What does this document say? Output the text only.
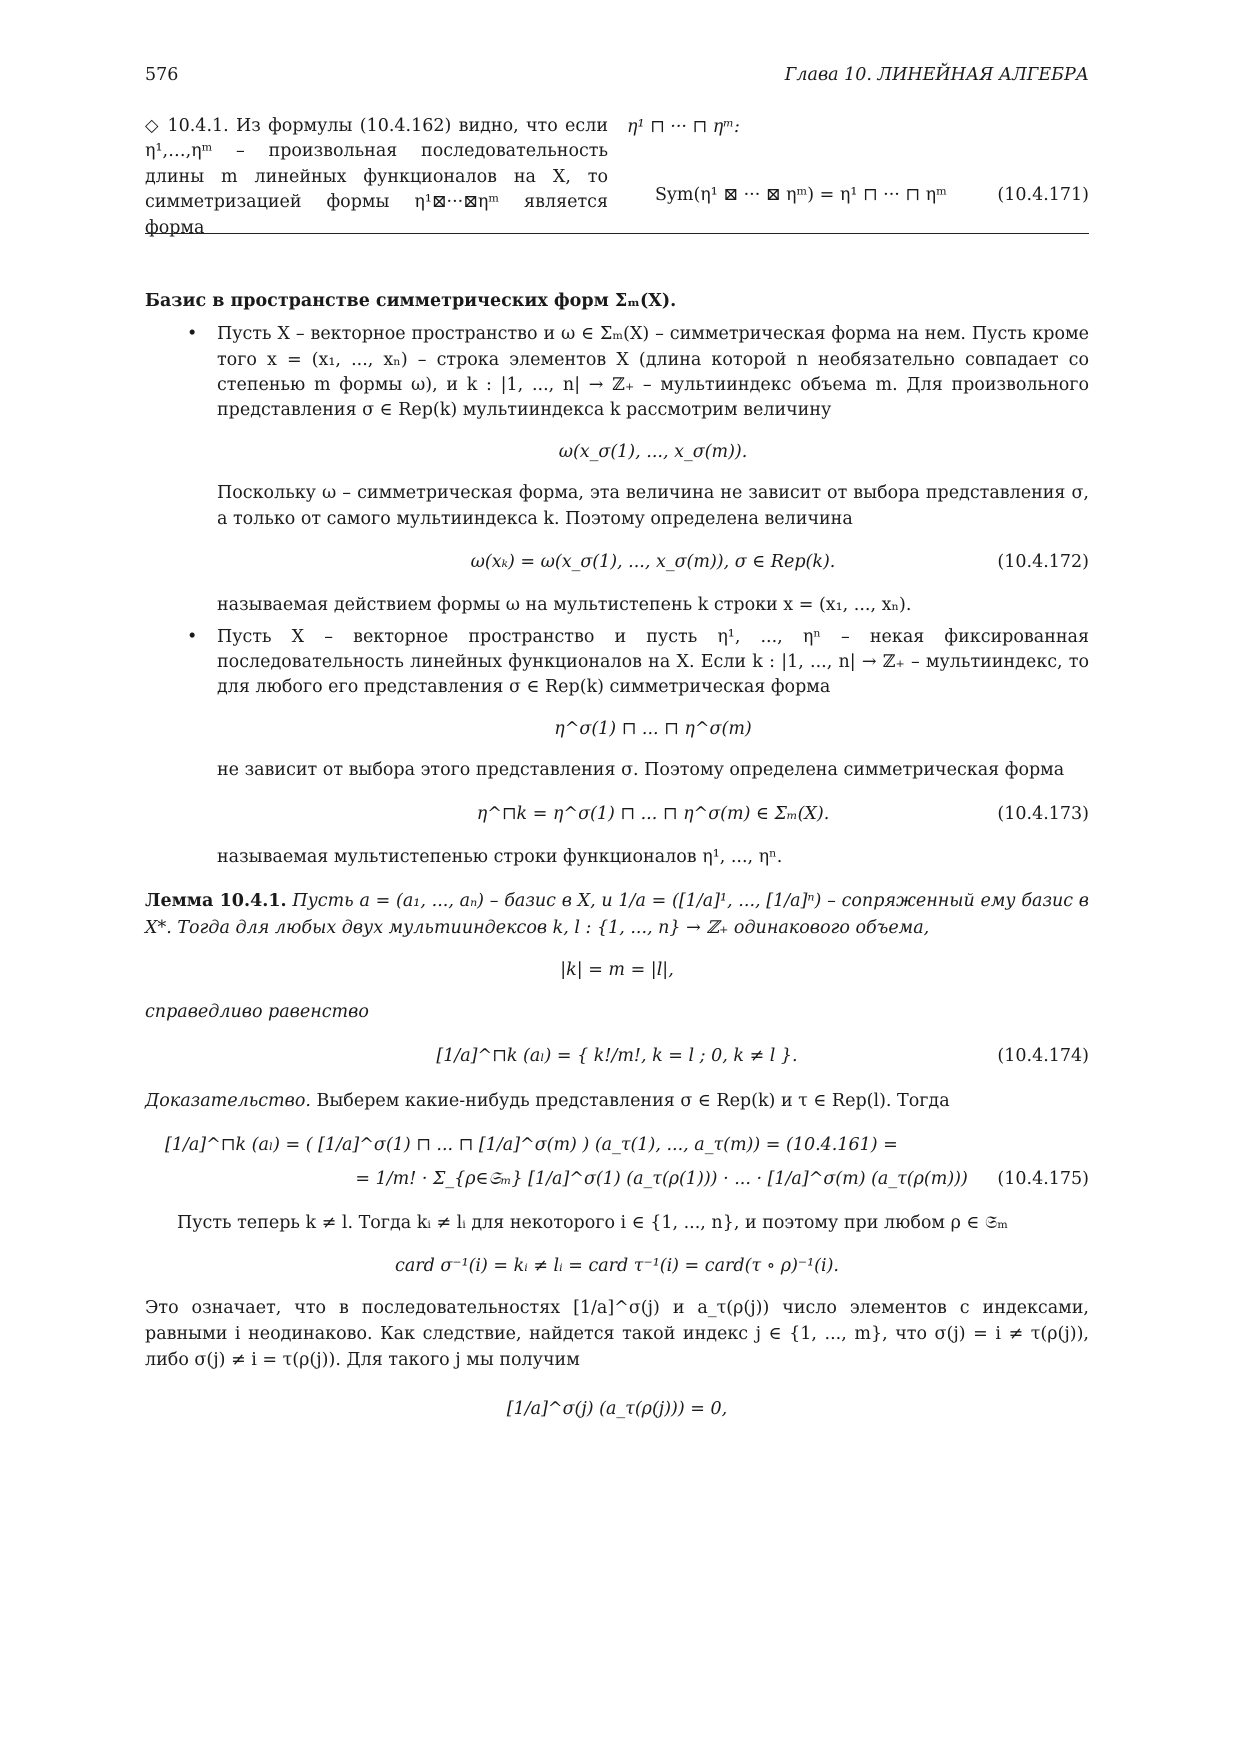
576	Глава 10. ЛИНЕЙНАЯ АЛГЕБРА
◇ 10.4.1. Из формулы (10.4.162) видно, что если η¹,…,ηᵐ – произвольная последовательность длины m линейных функционалов на X, то симметризацией формы η¹⊠···⊠ηᵐ является форма
η¹ ⊓ ··· ⊓ ηᵐ:
Sym(η¹ ⊠ ··· ⊠ ηᵐ) = η¹ ⊓ ··· ⊓ ηᵐ	(10.4.171)

Базис в пространстве симметрических форм Σₘ(X).

• Пусть X – векторное пространство и ω ∈ Σₘ(X) – симметрическая форма на нем. Пусть кроме того x = (x₁, ..., xₙ) – строка элементов X (длина которой n необязательно совпадает со степенью m формы ω), и k : |1, ..., n| → ℤ₊ – мультииндекс объема m. Для произвольного представления σ ∈ Rep(k) мультииндекса k рассмотрим величину
ω(x_σ(1), ..., x_σ(m)).

Поскольку ω – симметрическая форма, эта величина не зависит от выбора представления σ, а только от самого мультииндекса k. Поэтому определена величина

ω(xₖ) = ω(x_σ(1), ..., x_σ(m)), σ ∈ Rep(k).	(10.4.172)

называемая действием формы ω на мультистепень k строки x = (x₁, ..., xₙ).

• Пусть X – векторное пространство и пусть η¹, ..., ηⁿ – некая фиксированная последовательность линейных функционалов на X. Если k : |1, ..., n| → ℤ₊ – мультииндекс, то для любого его представления σ ∈ Rep(k) симметрическая форма
η^σ(1) ⊓ ... ⊓ η^σ(m)

не зависит от выбора этого представления σ. Поэтому определена симметрическая форма

η^⊓k = η^σ(1) ⊓ ... ⊓ η^σ(m) ∈ Σₘ(X).	(10.4.173)

называемая мультистепенью строки функционалов η¹, ..., ηⁿ.

Лемма 10.4.1. Пусть a = (a₁, ..., aₙ) – базис в X, и 1/a = ([1/a]¹, ..., [1/a]ⁿ) – сопряженный ему базис в X*. Тогда для любых двух мультииндексов k, l : {1, ..., n} → ℤ₊ одинакового объема,
|k| = m = |l|,

справедливо равенство

[1/a]^⊓k (aₗ) = { k!/m!, k = l ; 0, k ≠ l }.	(10.4.174)
Доказательство. Выберем какие-нибудь представления σ ∈ Rep(k) и τ ∈ Rep(l). Тогда
[1/a]^⊓k (aₗ) = ( [1/a]^σ(1) ⊓ ... ⊓ [1/a]^σ(m) ) (a_τ(1), ..., a_τ(m)) = (10.4.161) =
= 1/m! · Σ_{ρ∈𝔖ₘ} [1/a]^σ(1) (a_τ(ρ(1))) · ... · [1/a]^σ(m) (a_τ(ρ(m))) (10.4.175)

Пусть теперь k ≠ l. Тогда kᵢ ≠ lᵢ для некоторого i ∈ {1, ..., n}, и поэтому при любом ρ ∈ 𝔖ₘ

card σ⁻¹(i) = kᵢ ≠ lᵢ = card τ⁻¹(i) = card(τ ∘ ρ)⁻¹(i).

Это означает, что в последовательностях [1/a]^σ(j) и a_τ(ρ(j)) число элементов с индексами, равными i неодинаково. Как следствие, найдется такой индекс j ∈ {1, ..., m}, что σ(j) = i ≠ τ(ρ(j)), либо σ(j) ≠ i = τ(ρ(j)). Для такого j мы получим

[1/a]^σ(j) (a_τ(ρ(j))) = 0,
